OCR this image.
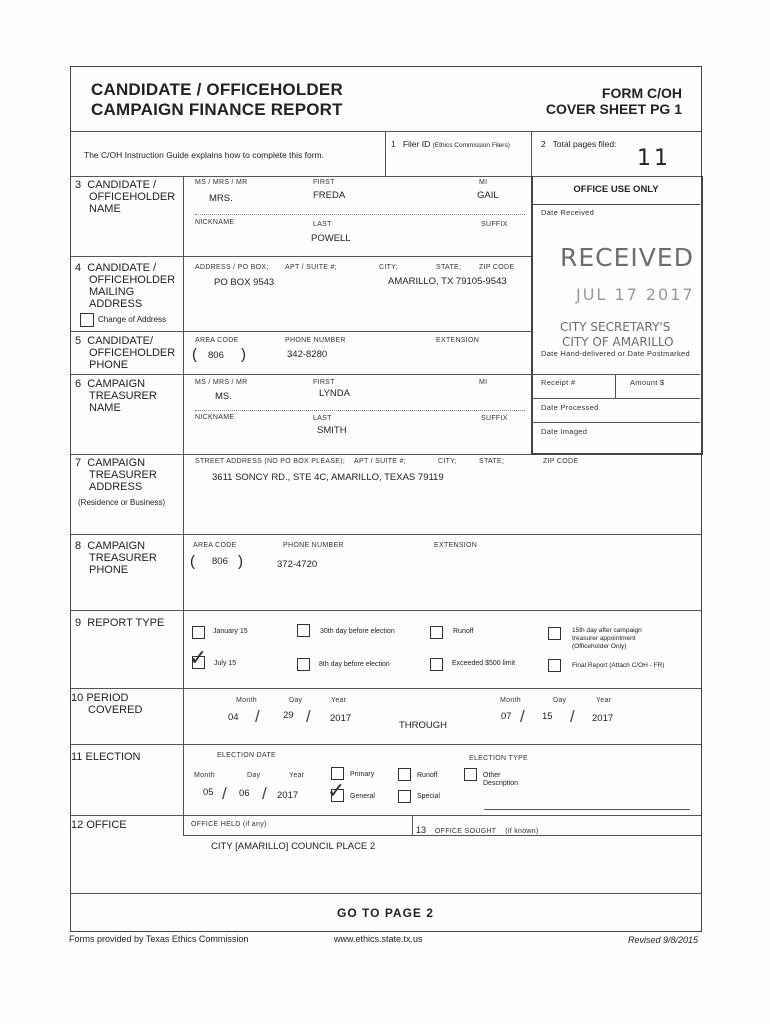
CANDIDATE / OFFICEHOLDER
CAMPAIGN FINANCE REPORT
FORM C/OH
COVER SHEET PG 1
The C/OH Instruction Guide explains how to complete this form.
1 Filer ID (Ethics Commission Filers)	2 Total pages filed:
11
3 CANDIDATE /
OFFICEHOLDER
NAME
MS / MRS / MR	FIRST	MI
MRS.	FREDA	GAIL
NICKNAME	LAST	SUFFIX
POWELL
4 CANDIDATE /
OFFICEHOLDER
MAILING
ADDRESS
Change of Address
ADDRESS / PO BOX; APT / SUITE #;	CITY;	STATE;	ZIP CODE
PO BOX 9543	AMARILLO, TX 79105-9543
5 CANDIDATE/
OFFICEHOLDER
PHONE
AREA CODE	PHONE NUMBER	EXTENSION
( 806 )	342-8280
6 CAMPAIGN
TREASURER
NAME
MS / MRS / MR	FIRST	MI
MS.	LYNDA
NICKNAME	LAST	SUFFIX
SMITH
OFFICE USE ONLY
Date Received
RECEIVED
JUL 17 2017
CITY SECRETARY'S
CITY OF AMARILLO
Date Hand-delivered or Date Postmarked
Receipt #	Amount $
Date Processed
Date Imaged
7 CAMPAIGN
TREASURER
ADDRESS
(Residence or Business)
STREET ADDRESS (NO PO BOX PLEASE); APT / SUITE #;	CITY;	STATE;	ZIP CODE
3611 SONCY RD., STE 4C, AMARILLO, TEXAS 79119
8 CAMPAIGN
TREASURER
PHONE
AREA CODE	PHONE NUMBER	EXTENSION
( 806 )	372-4720
9 REPORT TYPE
January 15	30th day before election	Runoff	15th day after campaign
treasurer appointment
(Officeholder Only)
✓ July 15	8th day before election	Exceeded $500 limit	Final Report (Attach C/OH - FR)
10 PERIOD
COVERED
Month	Day	Year
04 / 29 / 2017
THROUGH
Month	Day	Year
07 / 15 / 2017
11 ELECTION	ELECTION DATE	ELECTION TYPE
Month	Day	Year
05 / 06 / 2017
Primary	Runoff	Other
Description
✓ General	Special
12 OFFICE	OFFICE HELD (if any)
CITY [AMARILLO] COUNCIL PLACE 2
13 OFFICE SOUGHT (if known)
GO TO PAGE 2
Forms provided by Texas Ethics Commission	www.ethics.state.tx.us	Revised 9/8/2015
